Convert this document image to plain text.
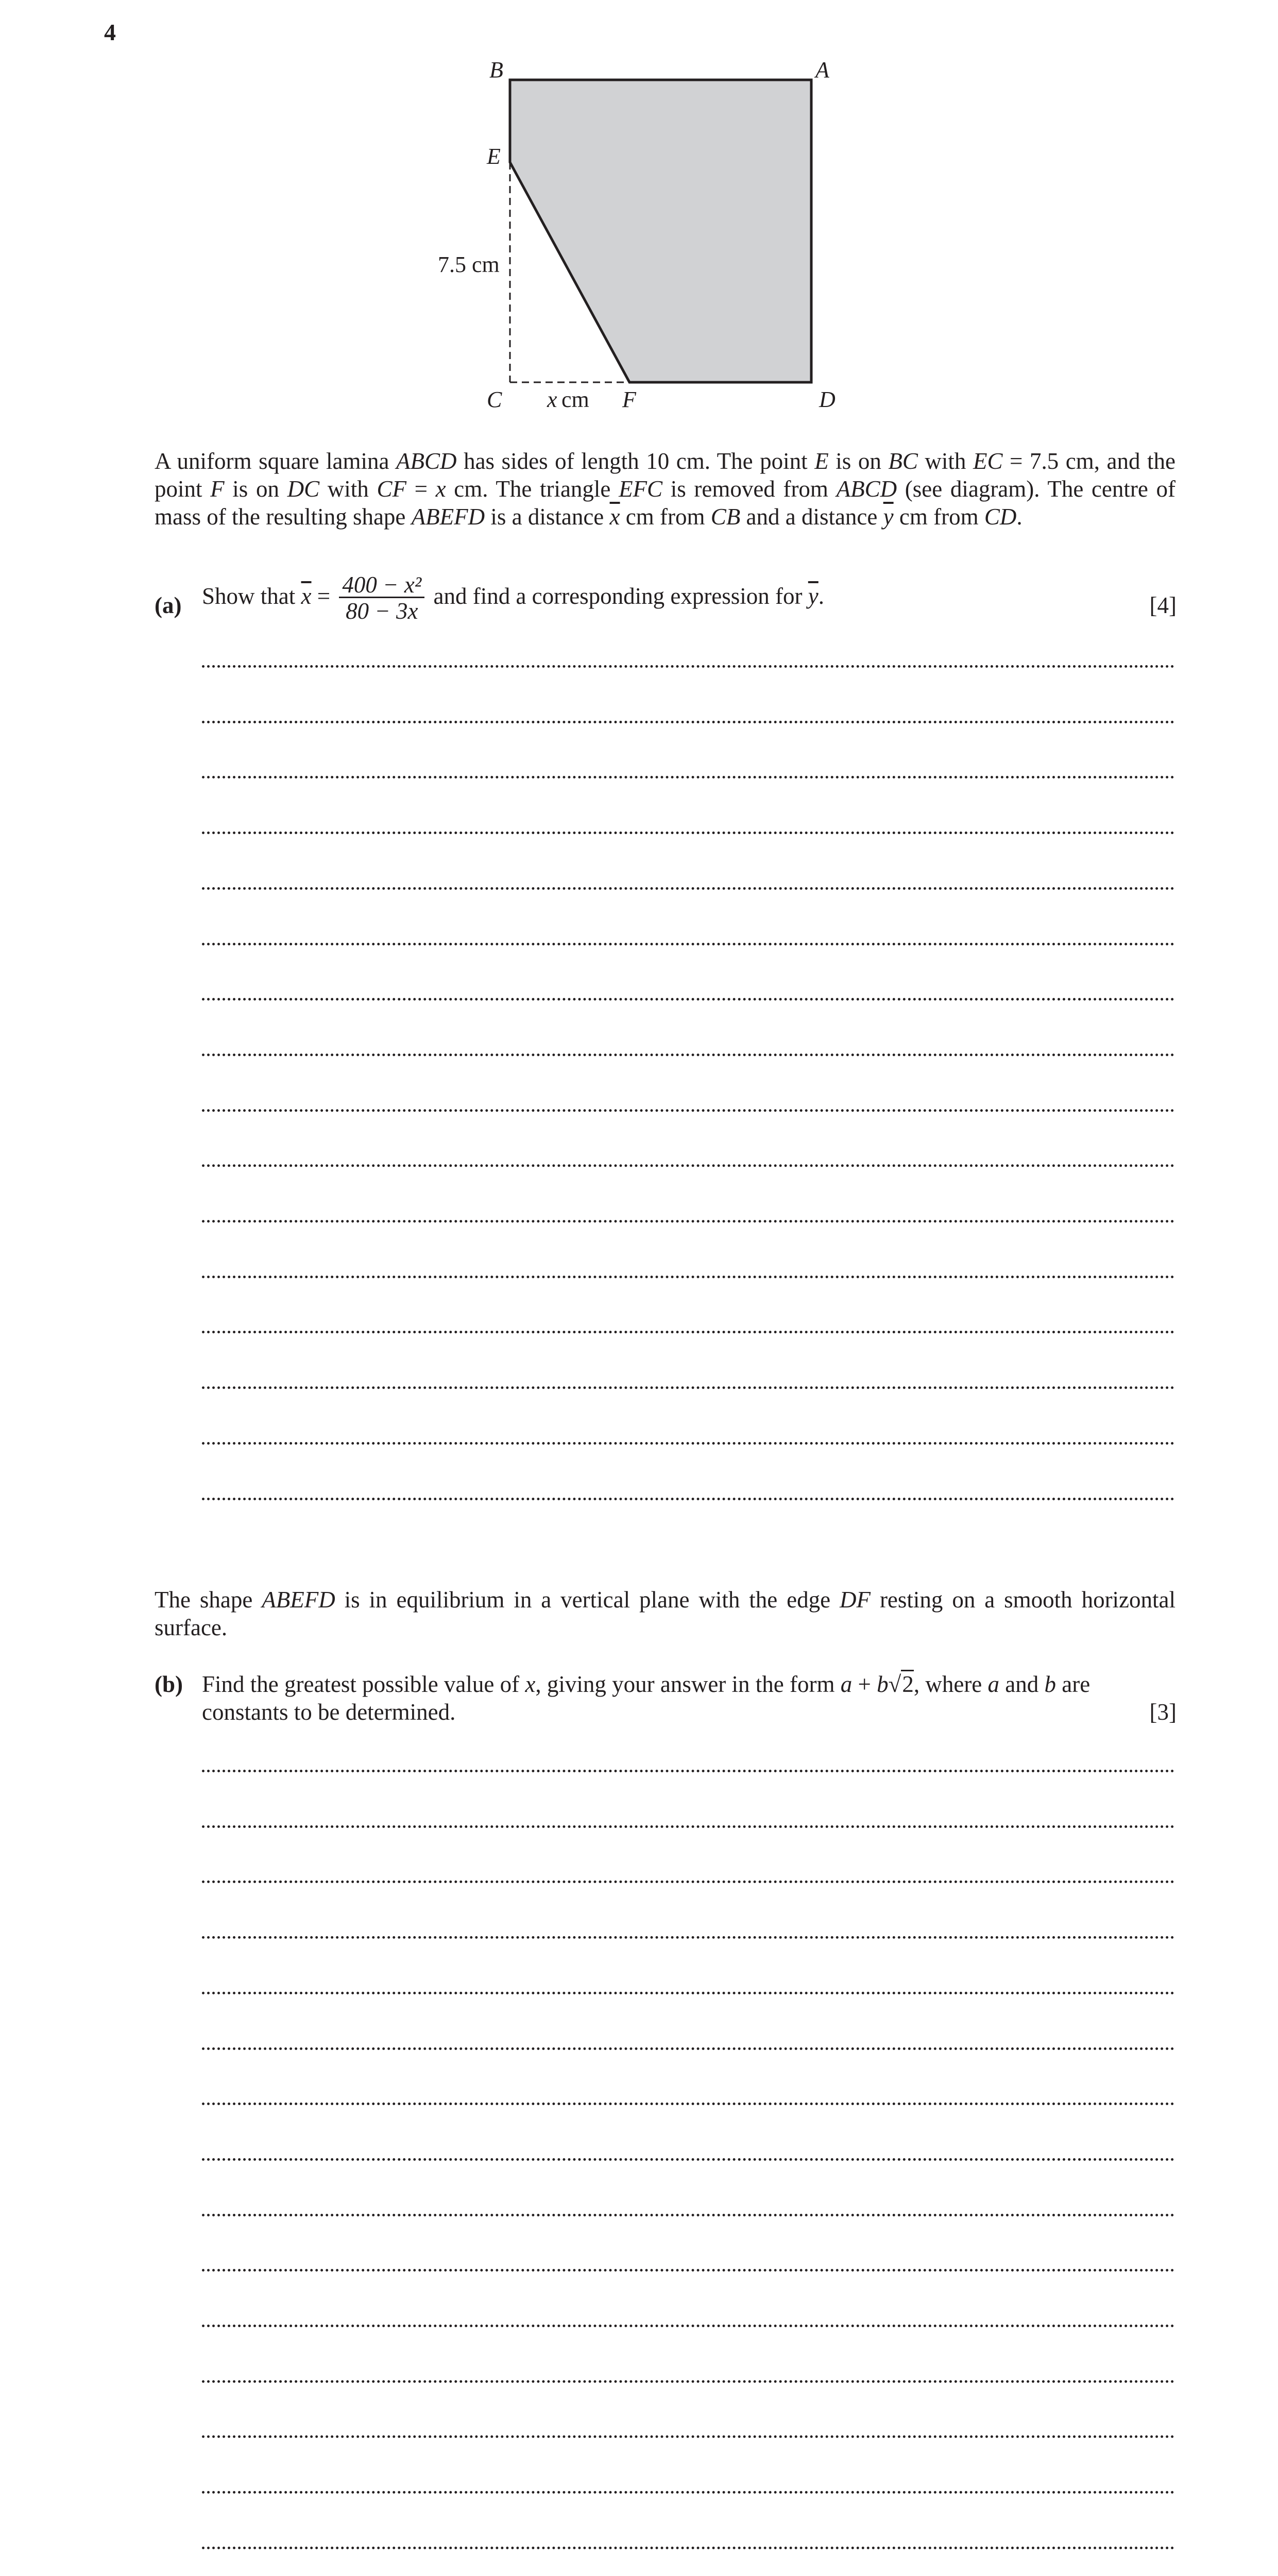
4
B	A
E
C	F	D
7.5 cm
x cm

A uniform square lamina ABCD has sides of length 10 cm. The point E is on BC with EC = 7.5 cm, and the point F is on DC with CF = x cm. The triangle EFC is removed from ABCD (see diagram). The centre of mass of the resulting shape ABEFD is a distance $\overline{x}$ cm from CB and a distance $\overline{y}$ cm from CD.

(a) Show that $\overline{x} = \frac{\text{400 − x²}}{80 - 3x}$ and find a corresponding expression for $\overline{y}$.	[4]

The shape ABEFD is in equilibrium in a vertical plane with the edge DF resting on a smooth horizontal surface.

(b) Find the greatest possible value of x, giving your answer in the form a + b√2, where a and b are
constants to be determined.	[3]
